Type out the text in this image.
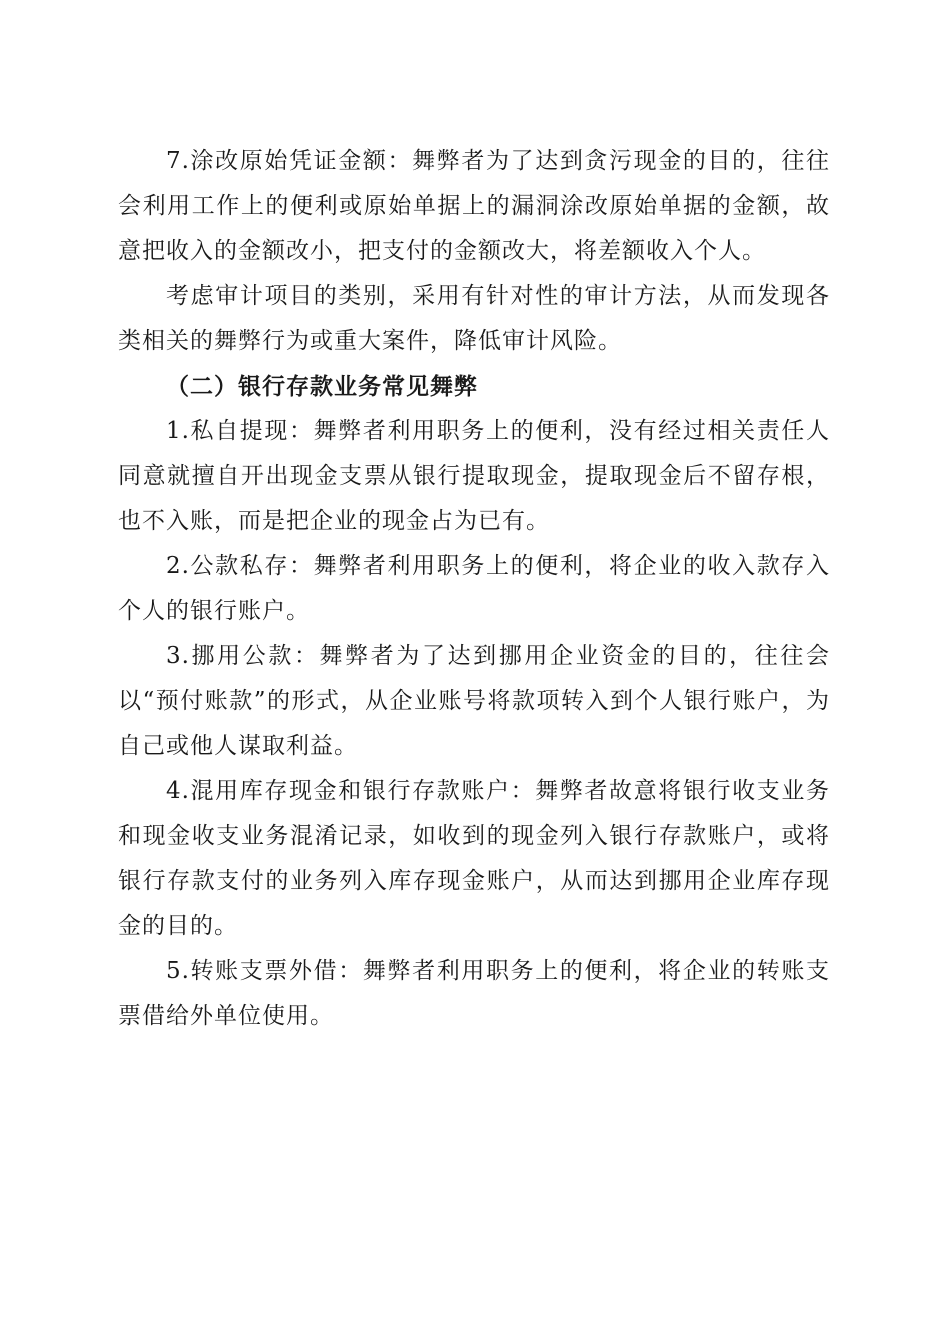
7.涂改原始凭证金额：舞弊者为了达到贪污现金的目的，往往会利用工作上的便利或原始单据上的漏洞涂改原始单据的金额，故意把收入的金额改小，把支付的金额改大，将差额收入个人。

考虑审计项目的类别，采用有针对性的审计方法，从而发现各类相关的舞弊行为或重大案件，降低审计风险。

（二）银行存款业务常见舞弊

1.私自提现：舞弊者利用职务上的便利，没有经过相关责任人同意就擅自开出现金支票从银行提取现金，提取现金后不留存根，也不入账，而是把企业的现金占为已有。

2.公款私存：舞弊者利用职务上的便利，将企业的收入款存入个人的银行账户。

3.挪用公款：舞弊者为了达到挪用企业资金的目的，往往会以“预付账款”的形式，从企业账号将款项转入到个人银行账户，为自己或他人谋取利益。

4.混用库存现金和银行存款账户：舞弊者故意将银行收支业务和现金收支业务混淆记录，如收到的现金列入银行存款账户，或将银行存款支付的业务列入库存现金账户，从而达到挪用企业库存现金的目的。

5.转账支票外借：舞弊者利用职务上的便利，将企业的转账支票借给外单位使用。
